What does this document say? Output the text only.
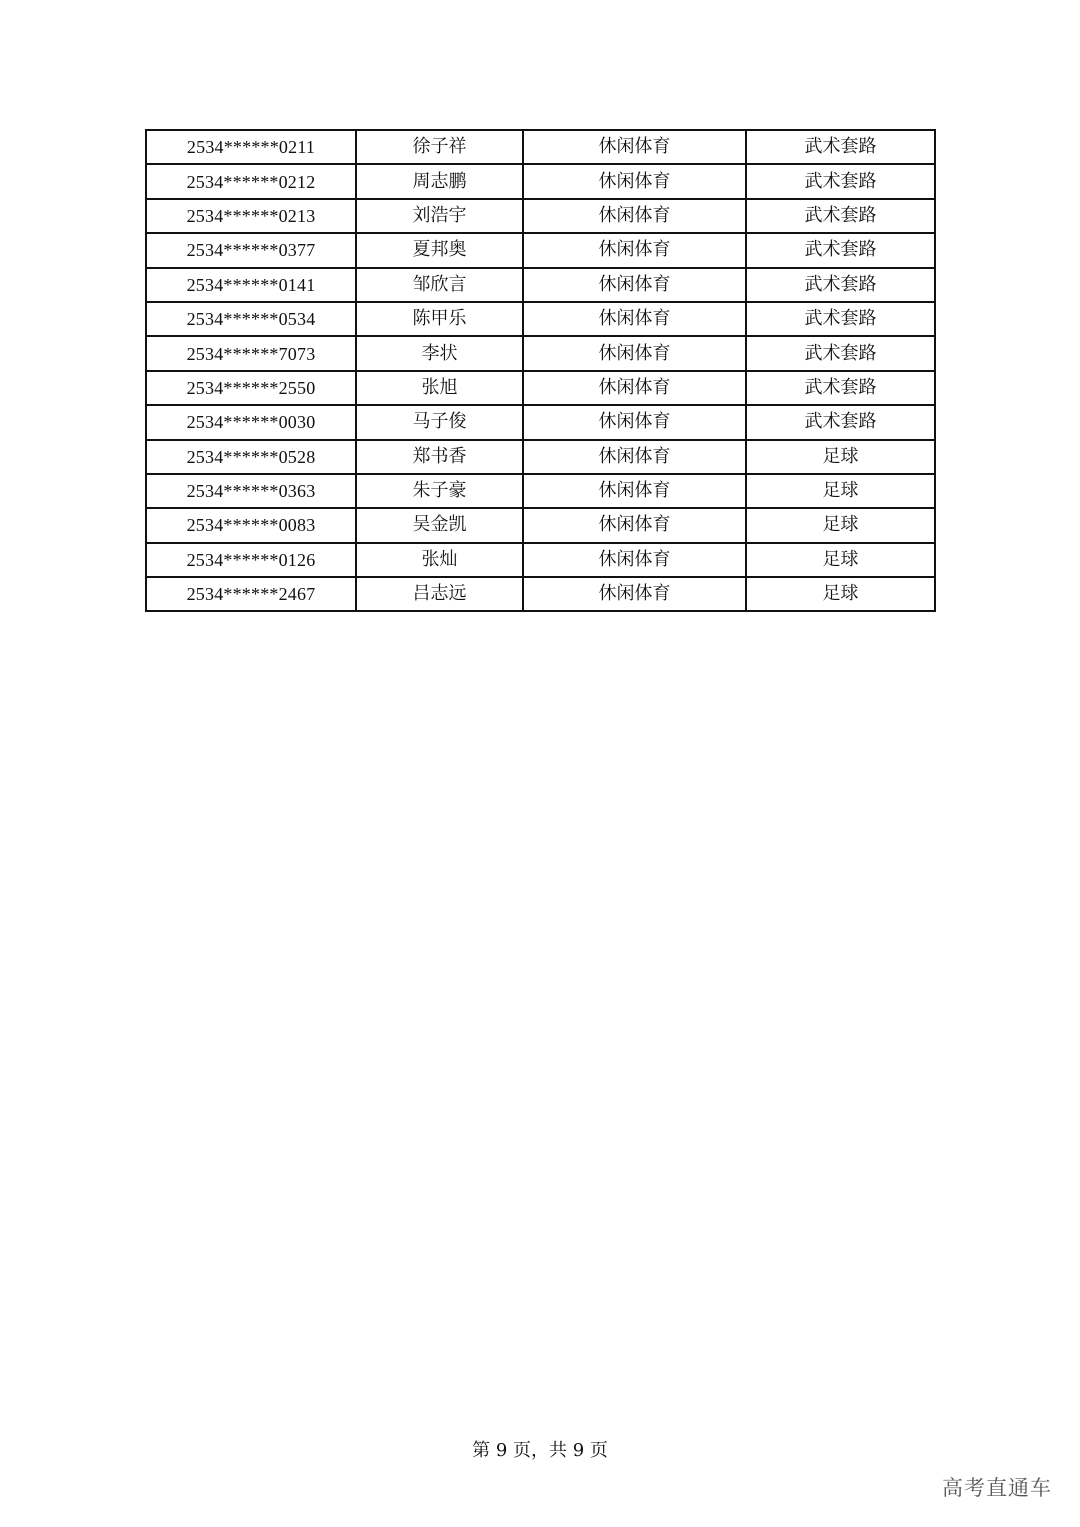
2534******0211	徐子祥	休闲体育	武术套路
2534******0212	周志鹏	休闲体育	武术套路
2534******0213	刘浩宇	休闲体育	武术套路
2534******0377	夏邦奥	休闲体育	武术套路
2534******0141	邹欣言	休闲体育	武术套路
2534******0534	陈甲乐	休闲体育	武术套路
2534******7073	李状	休闲体育	武术套路
2534******2550	张旭	休闲体育	武术套路
2534******0030	马子俊	休闲体育	武术套路
2534******0528	郑书香	休闲体育	足球
2534******0363	朱子豪	休闲体育	足球
2534******0083	吴金凯	休闲体育	足球
2534******0126	张灿	休闲体育	足球
2534******2467	吕志远	休闲体育	足球
第 9 页，共 9 页
高考直通车
